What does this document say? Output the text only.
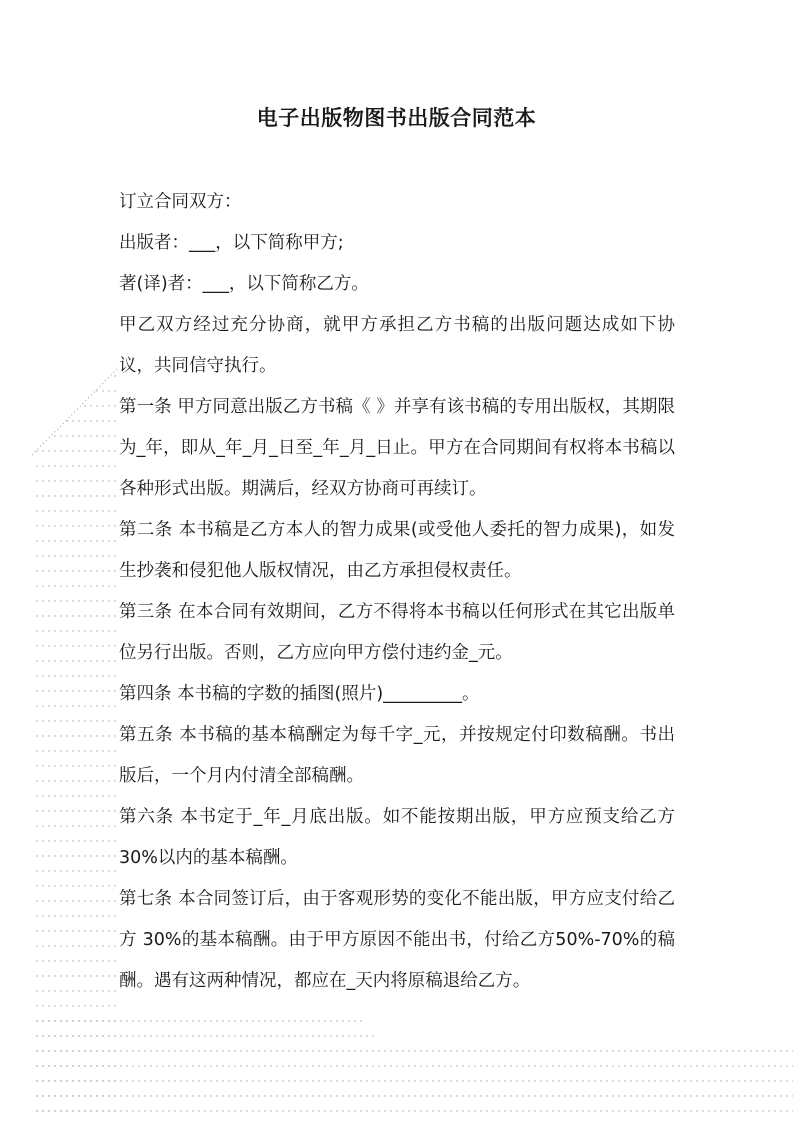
电子出版物图书出版合同范本

订立合同双方：

出版者：___，以下简称甲方;

著(译)者：___，以下简称乙方。

甲乙双方经过充分协商，就甲方承担乙方书稿的出版问题达成如下协议，共同信守执行。

第一条 甲方同意出版乙方书稿《 》并享有该书稿的专用出版权，其期限为_年，即从_年_月_日至_年_月_日止。甲方在合同期间有权将本书稿以各种形式出版。期满后，经双方协商可再续订。

第二条 本书稿是乙方本人的智力成果(或受他人委托的智力成果)，如发生抄袭和侵犯他人版权情况，由乙方承担侵权责任。

第三条 在本合同有效期间，乙方不得将本书稿以任何形式在其它出版单位另行出版。否则，乙方应向甲方偿付违约金_元。

第四条 本书稿的字数的插图(照片)_________。

第五条 本书稿的基本稿酬定为每千字_元，并按规定付印数稿酬。书出版后，一个月内付清全部稿酬。

第六条 本书定于_年_月底出版。如不能按期出版，甲方应预支给乙方 30%以内的基本稿酬。

第七条 本合同签订后，由于客观形势的变化不能出版，甲方应支付给乙方 30%的基本稿酬。由于甲方原因不能出书，付给乙方50%-70%的稿酬。遇有这两种情况，都应在_天内将原稿退给乙方。
